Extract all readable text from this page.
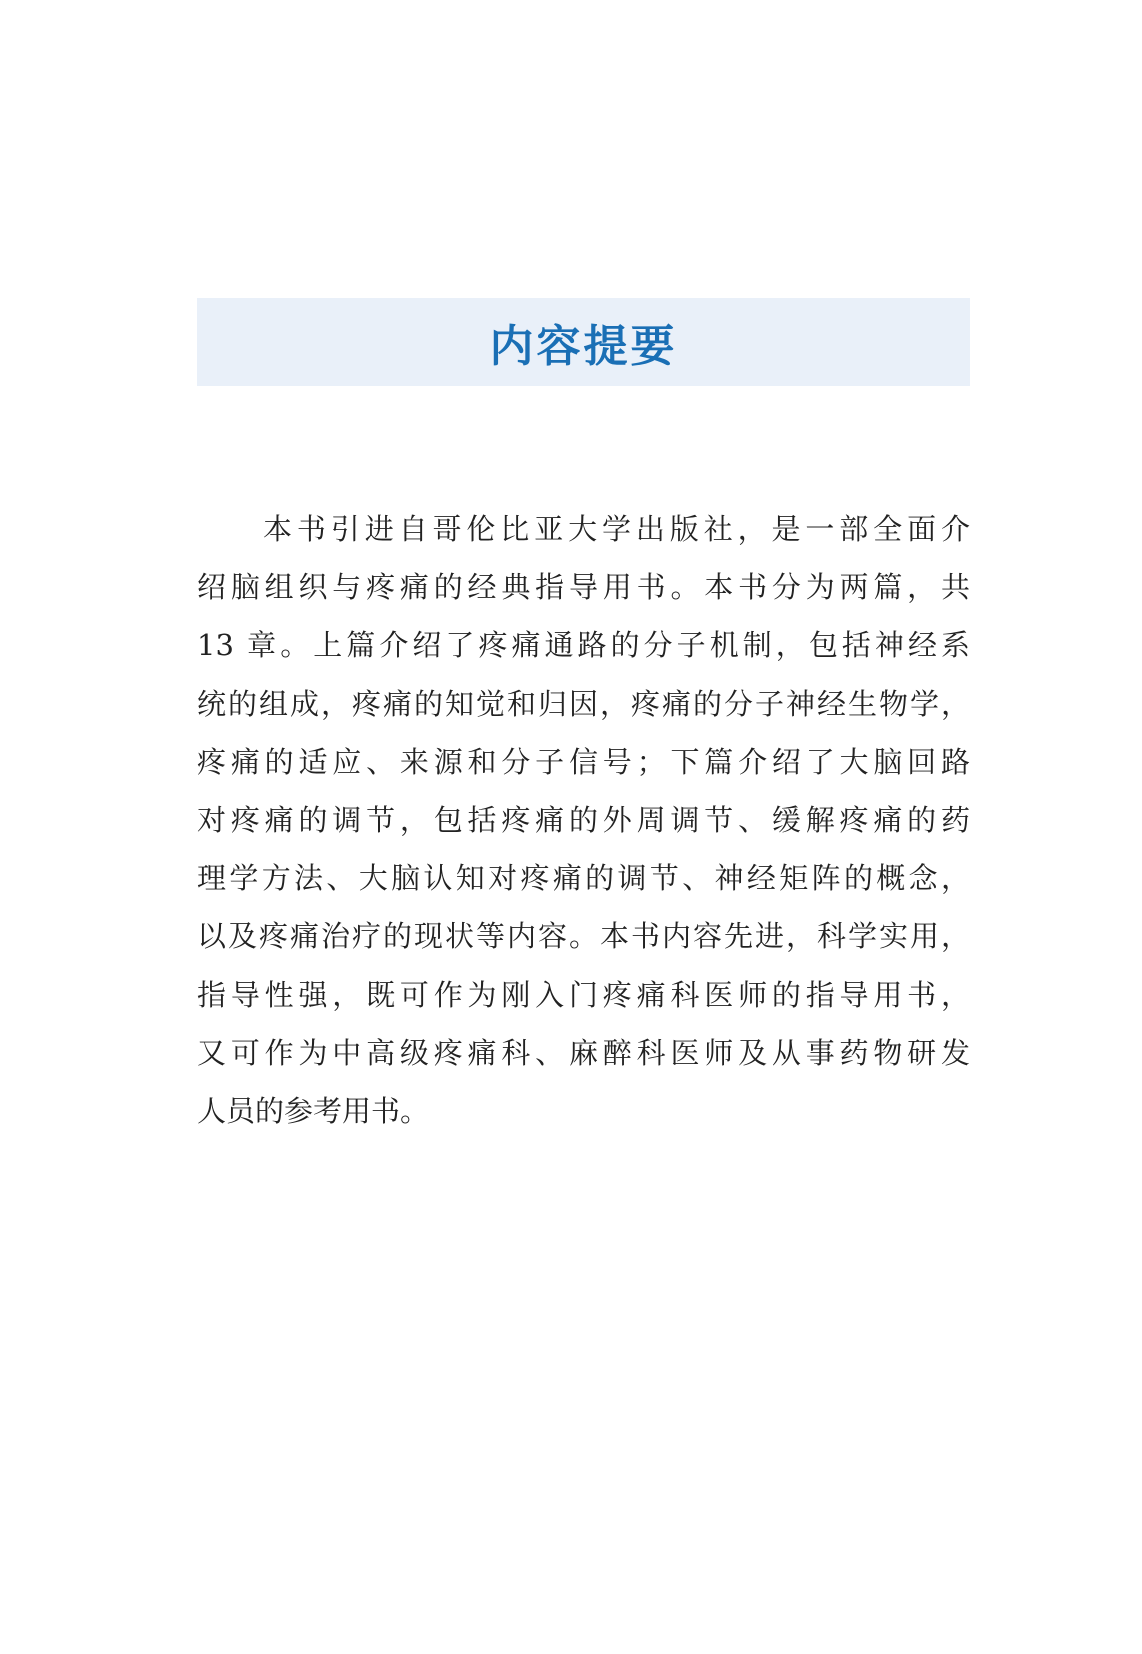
内容提要
本书引进自哥伦比亚大学出版社，是一部全面介
绍脑组织与疼痛的经典指导用书。本书分为两篇，共
13 章。上篇介绍了疼痛通路的分子机制，包括神经系
统的组成，疼痛的知觉和归因，疼痛的分子神经生物学，
疼痛的适应、来源和分子信号；下篇介绍了大脑回路
对疼痛的调节，包括疼痛的外周调节、缓解疼痛的药
理学方法、大脑认知对疼痛的调节、神经矩阵的概念，
以及疼痛治疗的现状等内容。本书内容先进，科学实用，
指导性强，既可作为刚入门疼痛科医师的指导用书，
又可作为中高级疼痛科、麻醉科医师及从事药物研发
人员的参考用书。
